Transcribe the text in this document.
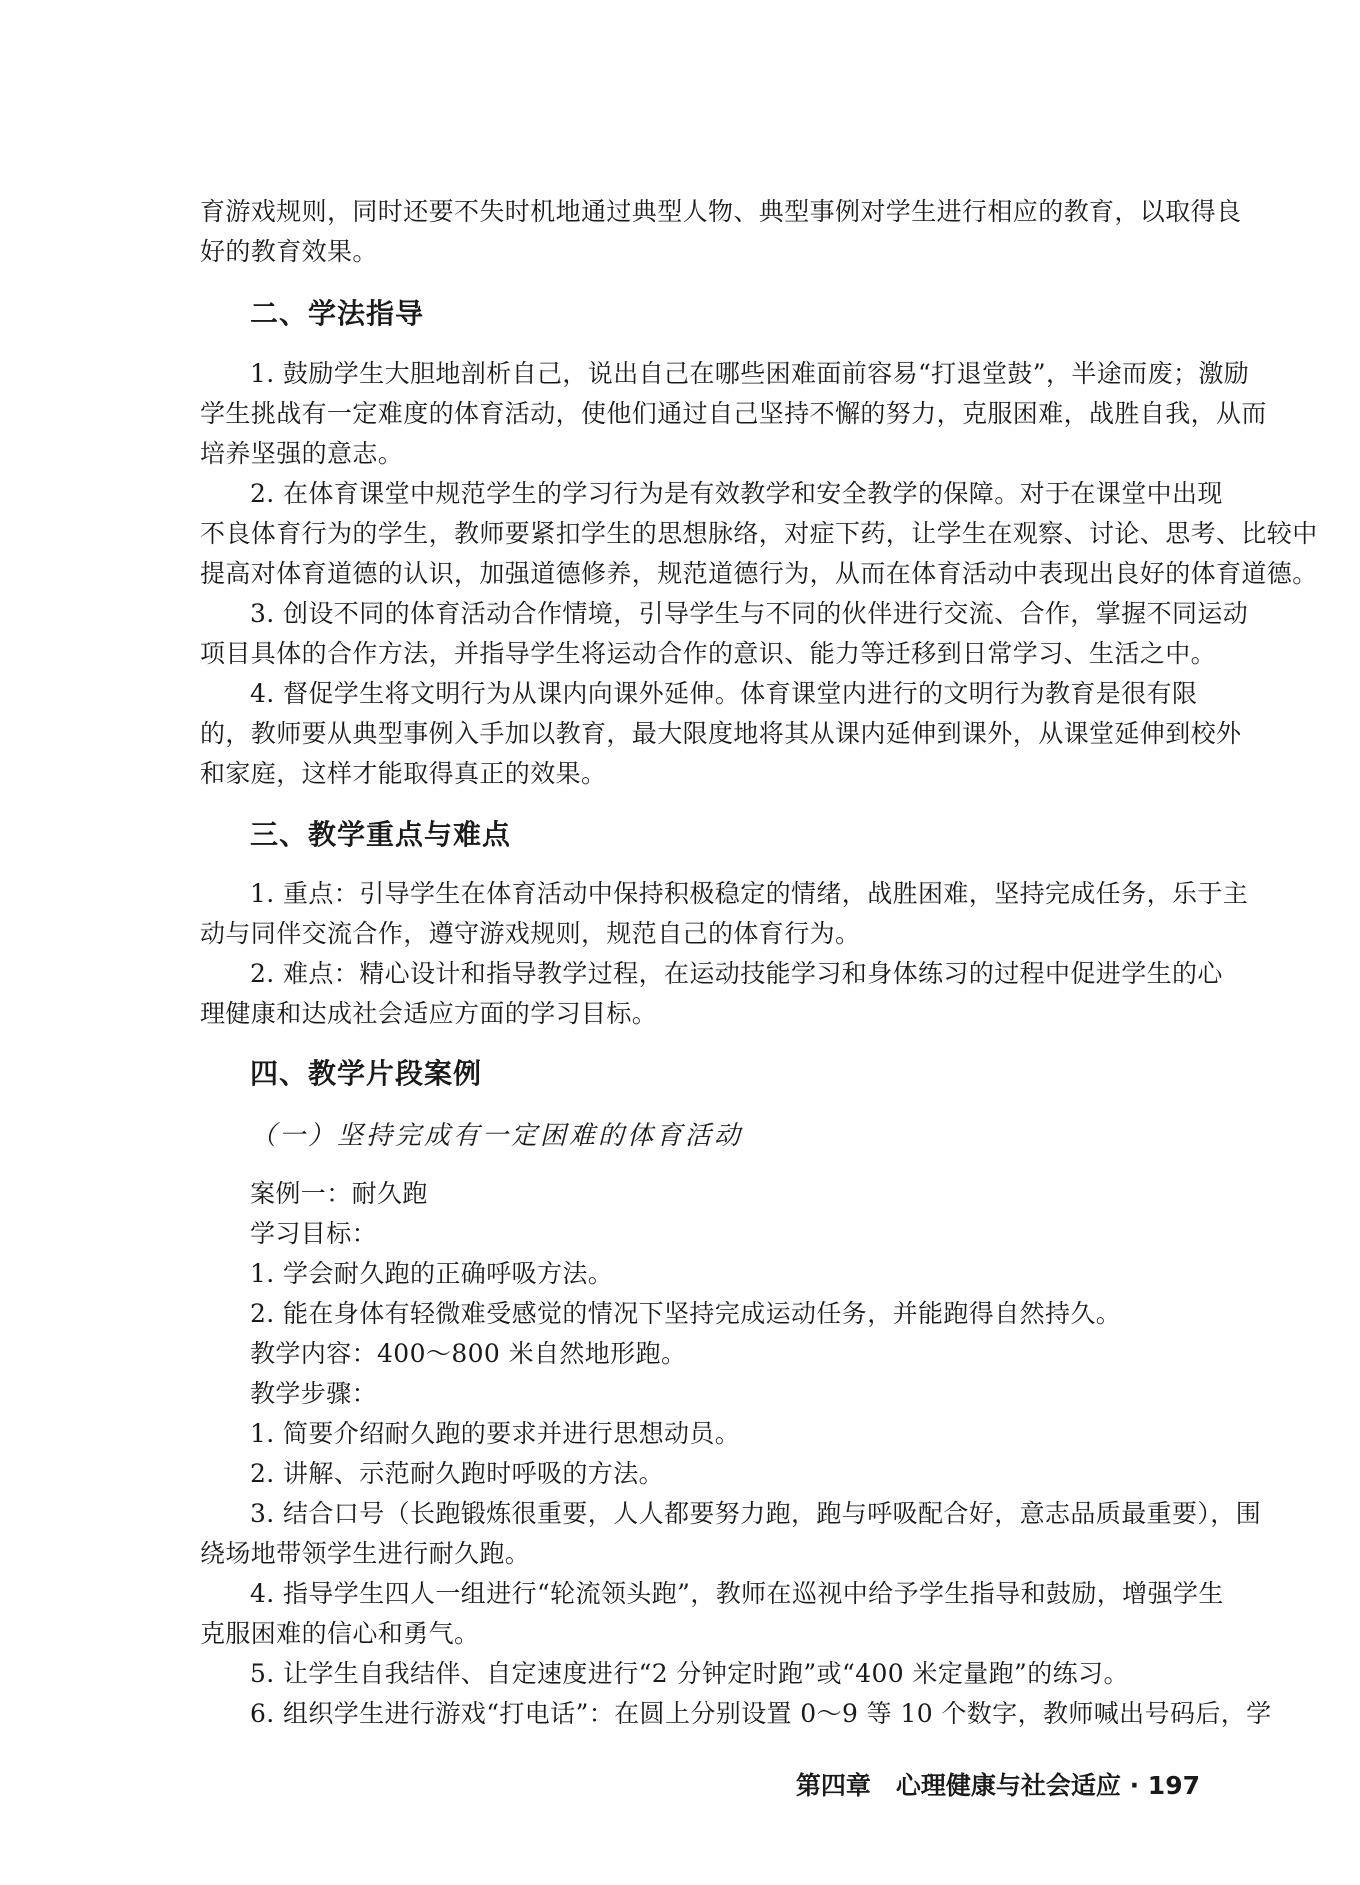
育游戏规则，同时还要不失时机地通过典型人物、典型事例对学生进行相应的教育，以取得良
好的教育效果。
二、学法指导
1. 鼓励学生大胆地剖析自己，说出自己在哪些困难面前容易“打退堂鼓”，半途而废；激励
学生挑战有一定难度的体育活动，使他们通过自己坚持不懈的努力，克服困难，战胜自我，从而
培养坚强的意志。
2. 在体育课堂中规范学生的学习行为是有效教学和安全教学的保障。对于在课堂中出现
不良体育行为的学生，教师要紧扣学生的思想脉络，对症下药，让学生在观察、讨论、思考、比较中
提高对体育道德的认识，加强道德修养，规范道德行为，从而在体育活动中表现出良好的体育道德。
3. 创设不同的体育活动合作情境，引导学生与不同的伙伴进行交流、合作，掌握不同运动
项目具体的合作方法，并指导学生将运动合作的意识、能力等迁移到日常学习、生活之中。
4. 督促学生将文明行为从课内向课外延伸。体育课堂内进行的文明行为教育是很有限
的，教师要从典型事例入手加以教育，最大限度地将其从课内延伸到课外，从课堂延伸到校外
和家庭，这样才能取得真正的效果。
三、教学重点与难点
1. 重点：引导学生在体育活动中保持积极稳定的情绪，战胜困难，坚持完成任务，乐于主
动与同伴交流合作，遵守游戏规则，规范自己的体育行为。
2. 难点：精心设计和指导教学过程，在运动技能学习和身体练习的过程中促进学生的心
理健康和达成社会适应方面的学习目标。
四、教学片段案例
（一）坚持完成有一定困难的体育活动
案例一：耐久跑
学习目标：
1. 学会耐久跑的正确呼吸方法。
2. 能在身体有轻微难受感觉的情况下坚持完成运动任务，并能跑得自然持久。
教学内容：400～800 米自然地形跑。
教学步骤：
1. 简要介绍耐久跑的要求并进行思想动员。
2. 讲解、示范耐久跑时呼吸的方法。
3. 结合口号（长跑锻炼很重要，人人都要努力跑，跑与呼吸配合好，意志品质最重要），围
绕场地带领学生进行耐久跑。
4. 指导学生四人一组进行“轮流领头跑”，教师在巡视中给予学生指导和鼓励，增强学生
克服困难的信心和勇气。
5. 让学生自我结伴、自定速度进行“2 分钟定时跑”或“400 米定量跑”的练习。
6. 组织学生进行游戏“打电话”：在圆上分别设置 0～9 等 10 个数字，教师喊出号码后，学
第四章　心理健康与社会适应 · 197
